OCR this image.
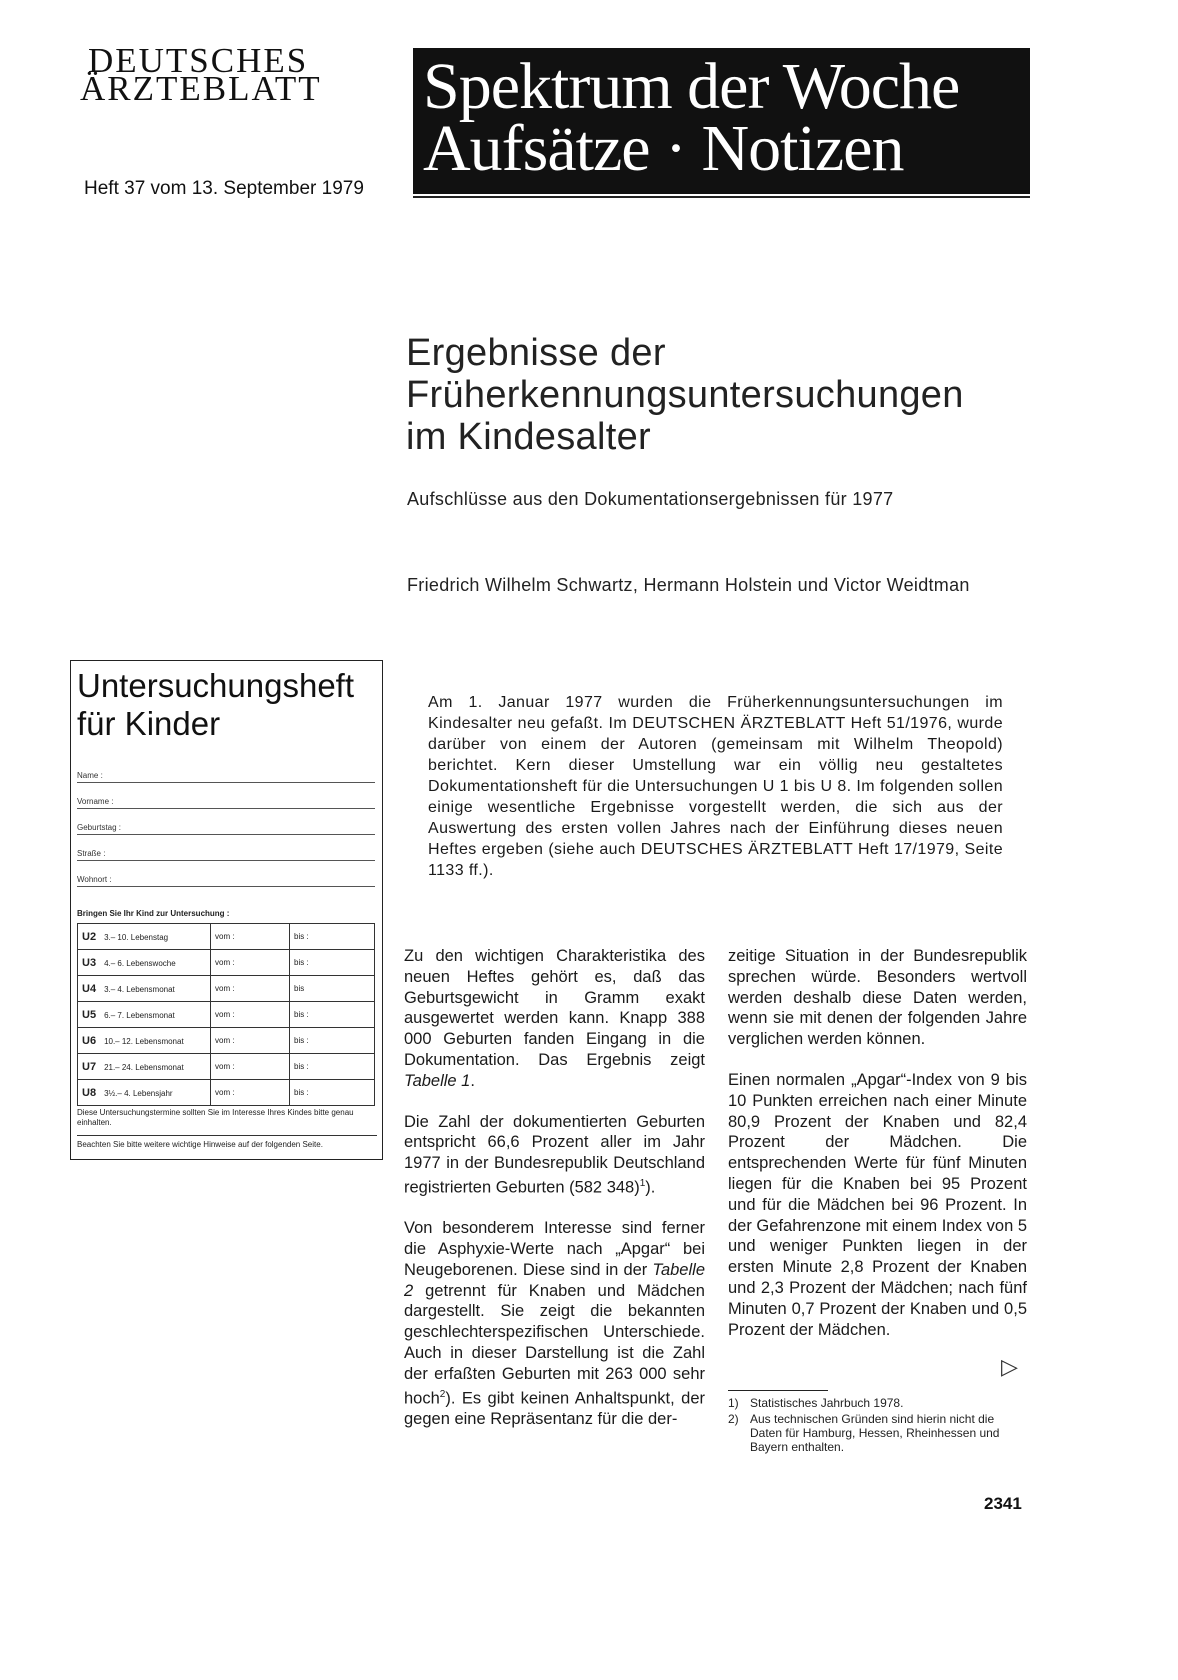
DEUTSCHES
ÄRZTEBLATT
Heft 37 vom 13. September 1979
Spektrum der Woche
Aufsätze · Notizen
Ergebnisse der
Früherkennungsuntersuchungen
im Kindesalter
Aufschlüsse aus den Dokumentationsergebnissen für 1977
Friedrich Wilhelm Schwartz, Hermann Holstein und Victor Weidtman
Untersuchungsheft
für Kinder
Name :
Vorname :
Geburtstag :
Straße :
Wohnort :
Bringen Sie Ihr Kind zur Untersuchung :
U2 3.– 10. Lebenstag	vom :	bis :
U3 4.– 6. Lebenswoche	vom :	bis :
U4 3.– 4. Lebensmonat	vom :	bis
U5 6.– 7. Lebensmonat	vom :	bis :
U6 10.– 12. Lebensmonat	vom :	bis :
U7 21.– 24. Lebensmonat	vom :	bis :
U8 3½.– 4. Lebensjahr	vom :	bis :
Diese Untersuchungstermine sollten Sie im Interesse Ihres Kindes bitte genau einhalten.
Beachten Sie bitte weitere wichtige Hinweise auf der folgenden Seite.
Am 1. Januar 1977 wurden die Früherkennungsuntersuchungen im Kindesalter neu gefaßt. Im DEUTSCHEN ÄRZTEBLATT Heft 51/1976, wurde darüber von einem der Autoren (gemeinsam mit Wilhelm Theopold) berichtet. Kern dieser Umstellung war ein völlig neu gestaltetes Dokumentationsheft für die Untersuchungen U 1 bis U 8. Im folgenden sollen einige wesentliche Ergebnisse vorgestellt werden, die sich aus der Auswertung des ersten vollen Jahres nach der Einführung dieses neuen Heftes ergeben (siehe auch DEUTSCHES ÄRZTEBLATT Heft 17/1979, Seite 1133 ff.).

Zu den wichtigen Charakteristika des neuen Heftes gehört es, daß das Geburtsgewicht in Gramm exakt ausgewertet werden kann. Knapp 388 000 Geburten fanden Eingang in die Dokumentation. Das Ergebnis zeigt Tabelle 1.

Die Zahl der dokumentierten Geburten entspricht 66,6 Prozent aller im Jahr 1977 in der Bundesrepublik Deutschland registrierten Geburten (582 348)$^1$).

Von besonderem Interesse sind ferner die Asphyxie-Werte nach „Apgar“ bei Neugeborenen. Diese sind in der Tabelle 2 getrennt für Knaben und Mädchen dargestellt. Sie zeigt die bekannten geschlechterspezifischen Unterschiede. Auch in dieser Darstellung ist die Zahl der erfaßten Geburten mit 263 000 sehr hoch$^2$). Es gibt keinen Anhaltspunkt, der gegen eine Repräsentanz für die der-

zeitige Situation in der Bundesrepublik sprechen würde. Besonders wertvoll werden deshalb diese Daten werden, wenn sie mit denen der folgenden Jahre verglichen werden können.

Einen normalen „Apgar“-Index von 9 bis 10 Punkten erreichen nach einer Minute 80,9 Prozent der Knaben und 82,4 Prozent der Mädchen. Die entsprechenden Werte für fünf Minuten liegen für die Knaben bei 95 Prozent und für die Mädchen bei 96 Prozent. In der Gefahrenzone mit einem Index von 5 und weniger Punkten liegen in der ersten Minute 2,8 Prozent der Knaben und 2,3 Prozent der Mädchen; nach fünf Minuten 0,7 Prozent der Knaben und 0,5 Prozent der Mädchen.

▷
1) Statistisches Jahrbuch 1978.
2) Aus technischen Gründen sind hierin nicht die Daten für Hamburg, Hessen, Rheinhessen und Bayern enthalten.
2341
